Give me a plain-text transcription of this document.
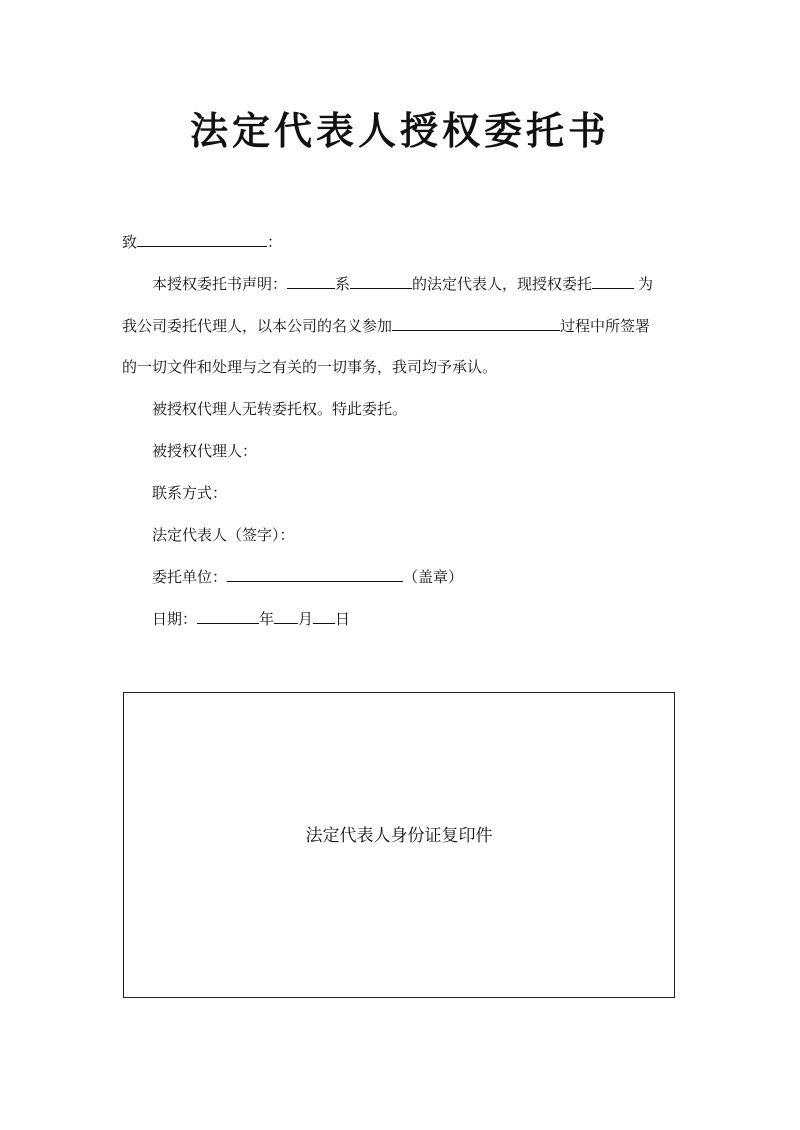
法定代表人授权委托书
致	：
本授权委托书声明：	系	的法定代表人，现授权委托	为
我公司委托代理人，以本公司的名义参加	过程中所签署
的一切文件和处理与之有关的一切事务，我司均予承认。
被授权代理人无转委托权。特此委托。
被授权代理人：
联系方式：
法定代表人（签字）：
委托单位：	（盖章）
日期：	年 月 日
法定代表人身份证复印件
